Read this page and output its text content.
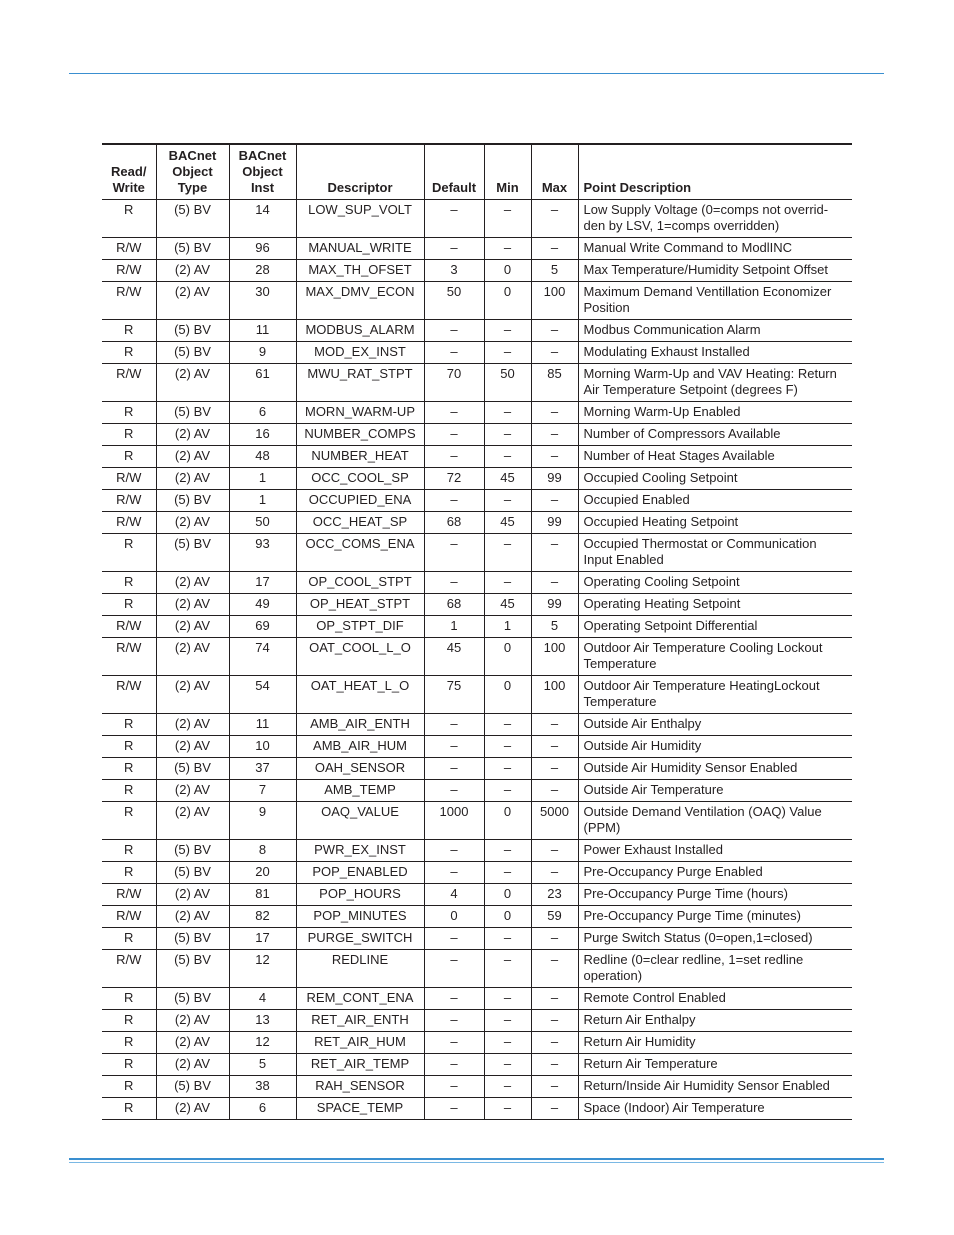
Read/ Write	BACnet Object Type	BACnet Object Inst	Descriptor	Default	Min	Max	Point Description
R	(5) BV	14	LOW_SUP_VOLT	–	–	–	Low Supply Voltage (0=comps not overrid-den by LSV, 1=comps overridden)
R/W	(5) BV	96	MANUAL_WRITE	–	–	–	Manual Write Command to ModlINC
R/W	(2) AV	28	MAX_TH_OFSET	3	0	5	Max Temperature/Humidity Setpoint Offset
R/W	(2) AV	30	MAX_DMV_ECON	50	0	100	Maximum Demand Ventillation Economizer Position
R	(5) BV	11	MODBUS_ALARM	–	–	–	Modbus Communication Alarm
R	(5) BV	9	MOD_EX_INST	–	–	–	Modulating Exhaust Installed
R/W	(2) AV	61	MWU_RAT_STPT	70	50	85	Morning Warm-Up and VAV Heating: Return Air Temperature Setpoint (degrees F)
R	(5) BV	6	MORN_WARM-UP	–	–	–	Morning Warm-Up Enabled
R	(2) AV	16	NUMBER_COMPS	–	–	–	Number of Compressors Available
R	(2) AV	48	NUMBER_HEAT	–	–	–	Number of Heat Stages Available
R/W	(2) AV	1	OCC_COOL_SP	72	45	99	Occupied Cooling Setpoint
R/W	(5) BV	1	OCCUPIED_ENA	–	–	–	Occupied Enabled
R/W	(2) AV	50	OCC_HEAT_SP	68	45	99	Occupied Heating Setpoint
R	(5) BV	93	OCC_COMS_ENA	–	–	–	Occupied Thermostat or Communication Input Enabled
R	(2) AV	17	OP_COOL_STPT	–	–	–	Operating Cooling Setpoint
R	(2) AV	49	OP_HEAT_STPT	68	45	99	Operating Heating Setpoint
R/W	(2) AV	69	OP_STPT_DIF	1	1	5	Operating Setpoint Differential
R/W	(2) AV	74	OAT_COOL_L_O	45	0	100	Outdoor Air Temperature Cooling Lockout Temperature
R/W	(2) AV	54	OAT_HEAT_L_O	75	0	100	Outdoor Air Temperature HeatingLockout Temperature
R	(2) AV	11	AMB_AIR_ENTH	–	–	–	Outside Air Enthalpy
R	(2) AV	10	AMB_AIR_HUM	–	–	–	Outside Air Humidity
R	(5) BV	37	OAH_SENSOR	–	–	–	Outside Air Humidity Sensor Enabled
R	(2) AV	7	AMB_TEMP	–	–	–	Outside Air Temperature
R	(2) AV	9	OAQ_VALUE	1000	0	5000	Outside Demand Ventilation (OAQ) Value (PPM)
R	(5) BV	8	PWR_EX_INST	–	–	–	Power Exhaust Installed
R	(5) BV	20	POP_ENABLED	–	–	–	Pre-Occupancy Purge Enabled
R/W	(2) AV	81	POP_HOURS	4	0	23	Pre-Occupancy Purge Time (hours)
R/W	(2) AV	82	POP_MINUTES	0	0	59	Pre-Occupancy Purge Time (minutes)
R	(5) BV	17	PURGE_SWITCH	–	–	–	Purge Switch Status (0=open,1=closed)
R/W	(5) BV	12	REDLINE	–	–	–	Redline (0=clear redline, 1=set redline operation)
R	(5) BV	4	REM_CONT_ENA	–	–	–	Remote Control Enabled
R	(2) AV	13	RET_AIR_ENTH	–	–	–	Return Air Enthalpy
R	(2) AV	12	RET_AIR_HUM	–	–	–	Return Air Humidity
R	(2) AV	5	RET_AIR_TEMP	–	–	–	Return Air Temperature
R	(5) BV	38	RAH_SENSOR	–	–	–	Return/Inside Air Humidity Sensor Enabled
R	(2) AV	6	SPACE_TEMP	–	–	–	Space (Indoor) Air Temperature
